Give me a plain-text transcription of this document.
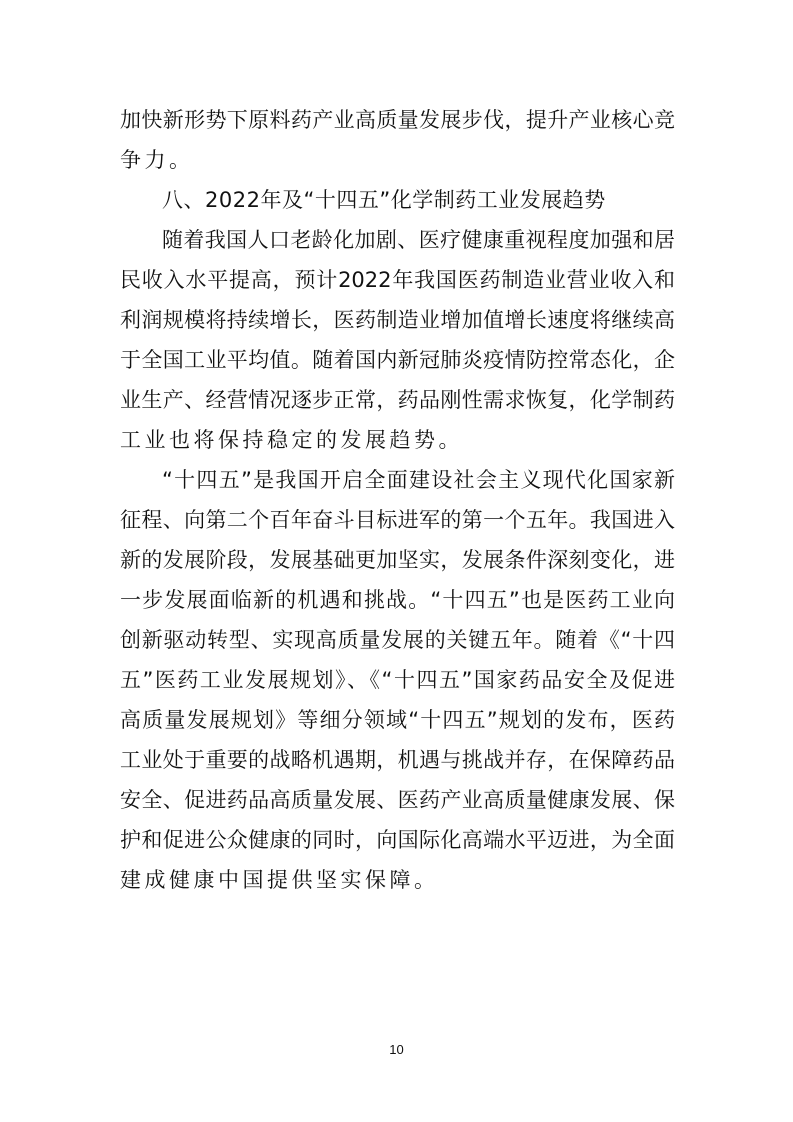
加快新形势下原料药产业高质量发展步伐，提升产业核心竞
争力。
八、2022年及“十四五”化学制药工业发展趋势
随着我国人口老龄化加剧、医疗健康重视程度加强和居
民收入水平提高，预计2022年我国医药制造业营业收入和
利润规模将持续增长，医药制造业增加值增长速度将继续高
于全国工业平均值。随着国内新冠肺炎疫情防控常态化，企
业生产、经营情况逐步正常，药品刚性需求恢复，化学制药
工业也将保持稳定的发展趋势。
“十四五”是我国开启全面建设社会主义现代化国家新
征程、向第二个百年奋斗目标进军的第一个五年。我国进入
新的发展阶段，发展基础更加坚实，发展条件深刻变化，进
一步发展面临新的机遇和挑战。“十四五”也是医药工业向
创新驱动转型、实现高质量发展的关键五年。随着《“十四
五”医药工业发展规划》、《“十四五”国家药品安全及促进
高质量发展规划》等细分领域“十四五”规划的发布，医药
工业处于重要的战略机遇期，机遇与挑战并存，在保障药品
安全、促进药品高质量发展、医药产业高质量健康发展、保
护和促进公众健康的同时，向国际化高端水平迈进，为全面
建成健康中国提供坚实保障。
10
